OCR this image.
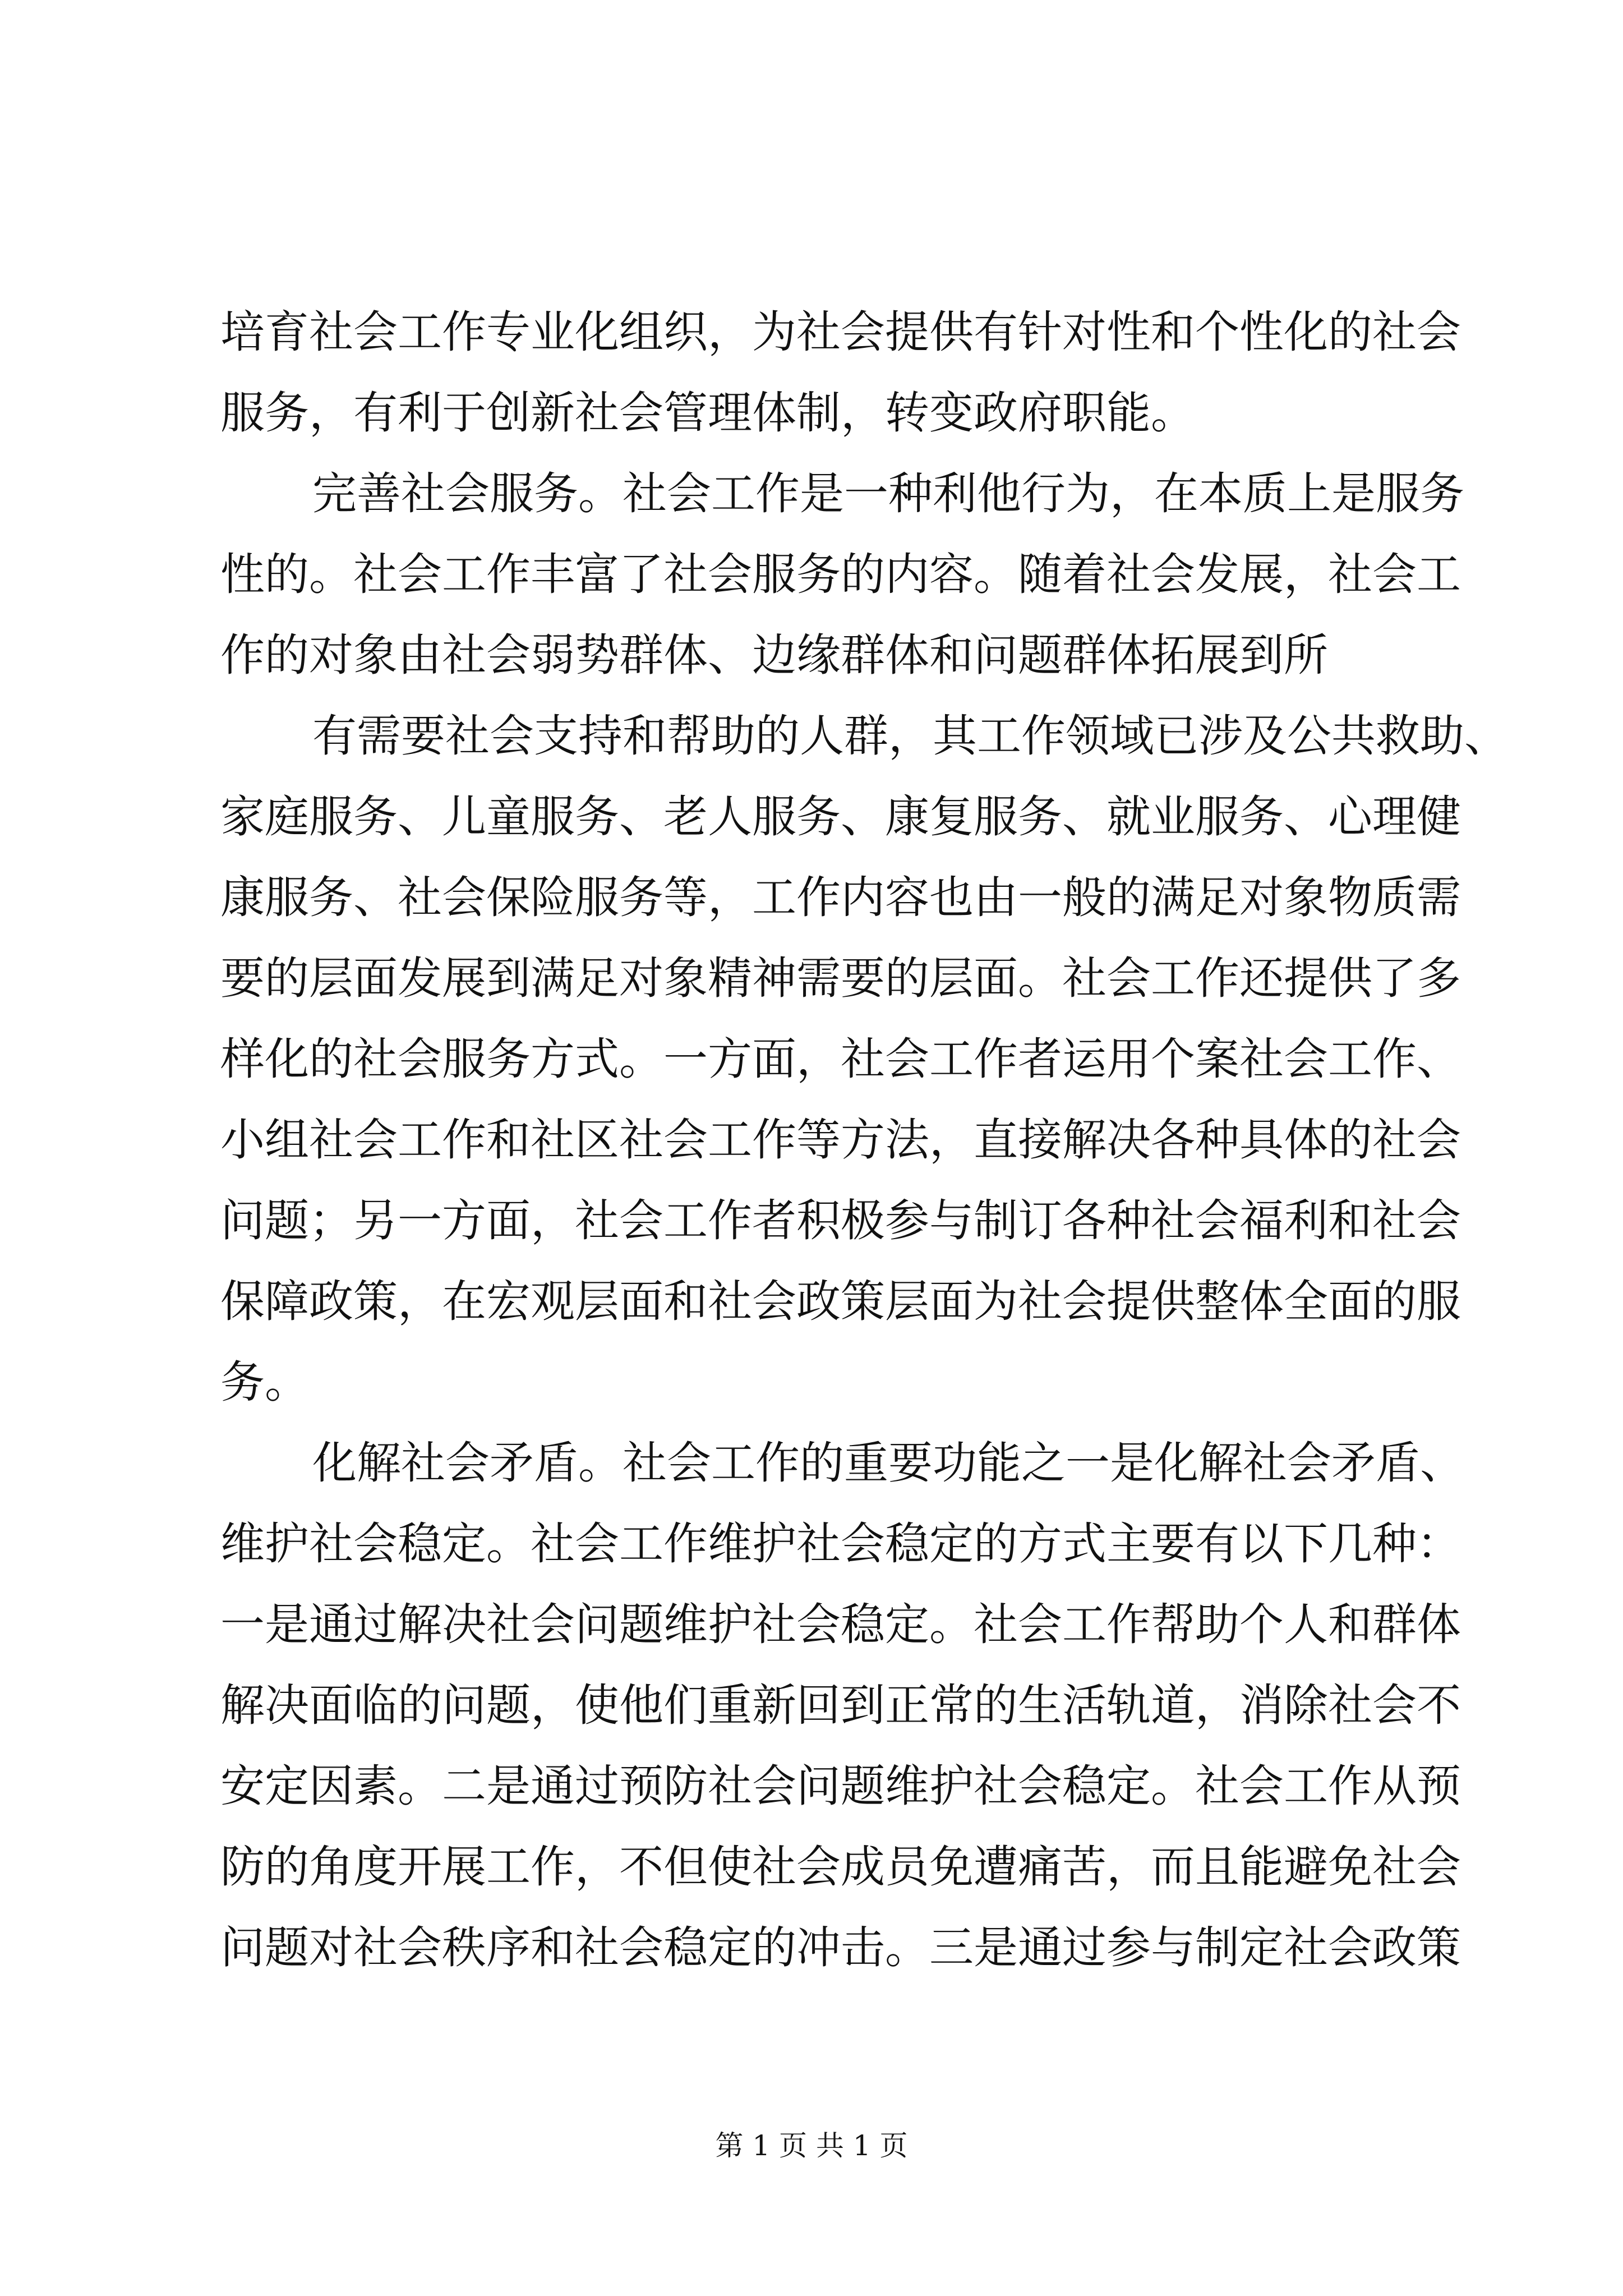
培育社会工作专业化组织，为社会提供有针对性和个性化的社会
服务，有利于创新社会管理体制，转变政府职能。
完善社会服务。社会工作是一种利他行为，在本质上是服务
性的。社会工作丰富了社会服务的内容。随着社会发展，社会工
作的对象由社会弱势群体、边缘群体和问题群体拓展到所
有需要社会支持和帮助的人群，其工作领域已涉及公共救助、
家庭服务、儿童服务、老人服务、康复服务、就业服务、心理健
康服务、社会保险服务等，工作内容也由一般的满足对象物质需
要的层面发展到满足对象精神需要的层面。社会工作还提供了多
样化的社会服务方式。一方面，社会工作者运用个案社会工作、
小组社会工作和社区社会工作等方法，直接解决各种具体的社会
问题；另一方面，社会工作者积极参与制订各种社会福利和社会
保障政策，在宏观层面和社会政策层面为社会提供整体全面的服
务。
化解社会矛盾。社会工作的重要功能之一是化解社会矛盾、
维护社会稳定。社会工作维护社会稳定的方式主要有以下几种：
一是通过解决社会问题维护社会稳定。社会工作帮助个人和群体
解决面临的问题，使他们重新回到正常的生活轨道，消除社会不
安定因素。二是通过预防社会问题维护社会稳定。社会工作从预
防的角度开展工作，不但使社会成员免遭痛苦，而且能避免社会
问题对社会秩序和社会稳定的冲击。三是通过参与制定社会政策
第 1 页 共 1 页
